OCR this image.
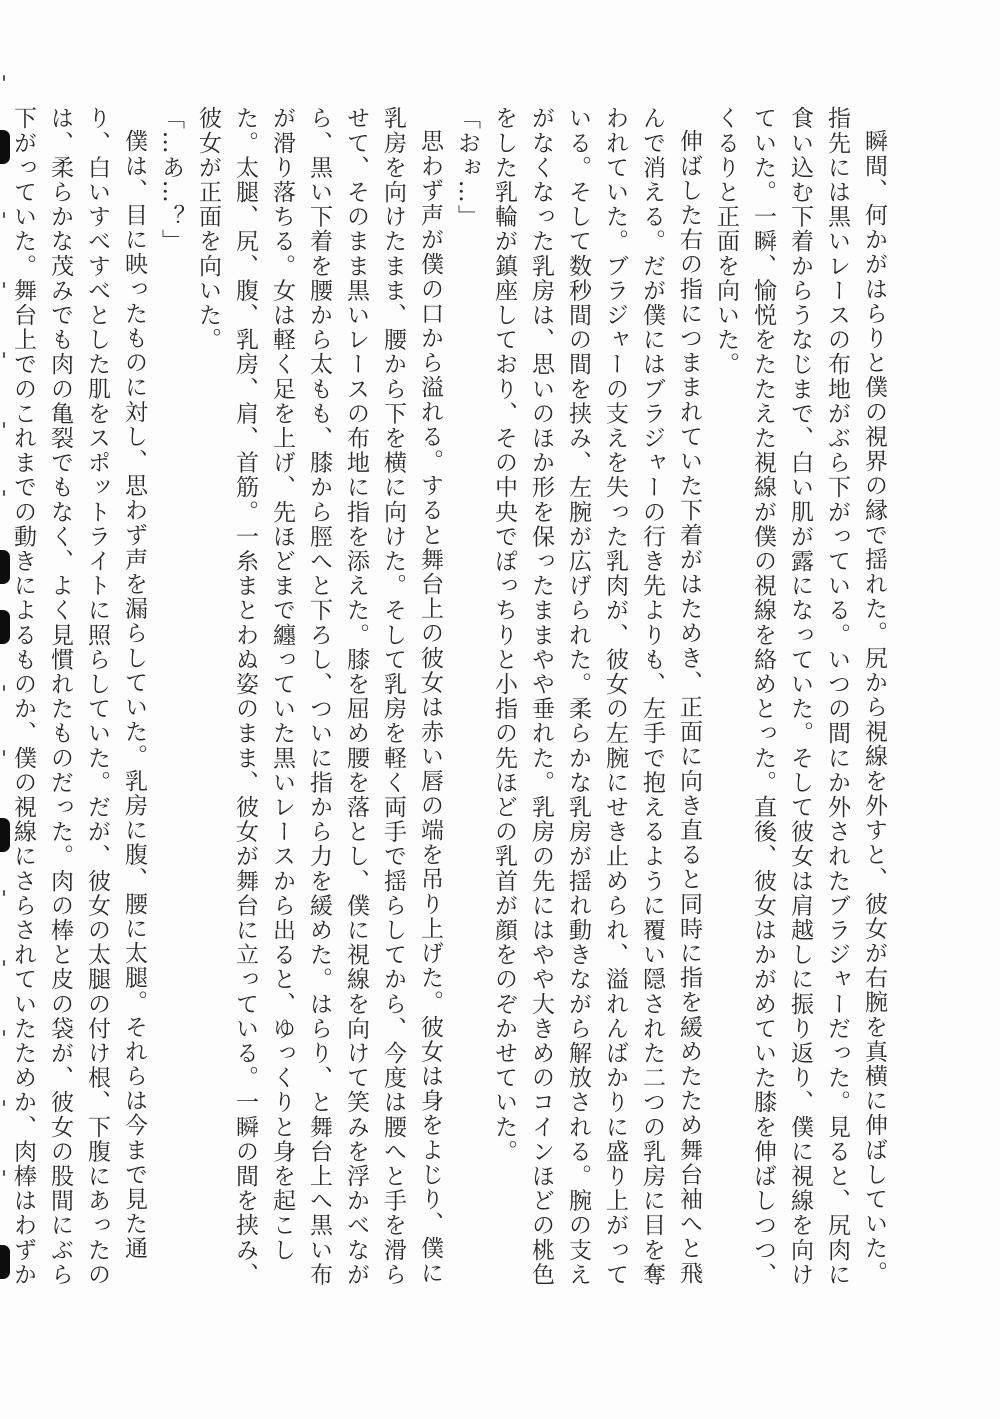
瞬間、何かがはらりと僕の視界の縁で揺れた。尻から視線を外すと、彼女が右腕を真横に伸ばしていた。指先には黒いレースの布地がぶら下がっている。いつの間にか外されたブラジャーだった。見ると、尻肉に食い込む下着からうなじまで、白い肌が露になっていた。そして彼女は肩越しに振り返り、僕に視線を向けていた。一瞬、愉悦をたたえた視線が僕の視線を絡めとった。直後、彼女はかがめていた膝を伸ばしつつ、くるりと正面を向いた。

伸ばした右の指につままれていた下着がはためき、正面に向き直ると同時に指を緩めたため舞台袖へと飛んで消える。だが僕にはブラジャーの行き先よりも、左手で抱えるように覆い隠された二つの乳房に目を奪われていた。ブラジャーの支えを失った乳肉が、彼女の左腕にせき止められ、溢れんばかりに盛り上がっている。そして数秒間の間を挟み、左腕が広げられた。柔らかな乳房が揺れ動きながら解放される。腕の支えがなくなった乳房は、思いのほか形を保ったままやや垂れた。乳房の先にはやや大きめのコインほどの桃色をした乳輪が鎮座しており、その中央でぽっちりと小指の先ほどの乳首が顔をのぞかせていた。

「おぉ…」

思わず声が僕の口から溢れる。すると舞台上の彼女は赤い唇の端を吊り上げた。彼女は身をよじり、僕に乳房を向けたまま、腰から下を横に向けた。そして乳房を軽く両手で揺らしてから、今度は腰へと手を滑らせて、そのまま黒いレースの布地に指を添えた。膝を屈め腰を落とし、僕に視線を向けて笑みを浮かべながら、黒い下着を腰から太もも、膝から脛へと下ろし、ついに指から力を緩めた。はらり、と舞台上へ黒い布が滑り落ちる。女は軽く足を上げ、先ほどまで纏っていた黒いレースから出ると、ゆっくりと身を起こした。太腿、尻、腹、乳房、肩、首筋。一糸まとわぬ姿のまま、彼女が舞台に立っている。一瞬の間を挟み、彼女が正面を向いた。

「…あ…？」

僕は、目に映ったものに対し、思わず声を漏らしていた。乳房に腹、腰に太腿。それらは今まで見た通り、白いすべすべとした肌をスポットライトに照らしていた。だが、彼女の太腿の付け根、下腹にあったのは、柔らかな茂みでも肉の亀裂でもなく、よく見慣れたものだった。肉の棒と皮の袋が、彼女の股間にぶら下がっていた。舞台上でのこれまでの動きによるものか、僕の視線にさらされていたためか、肉棒はわずか
